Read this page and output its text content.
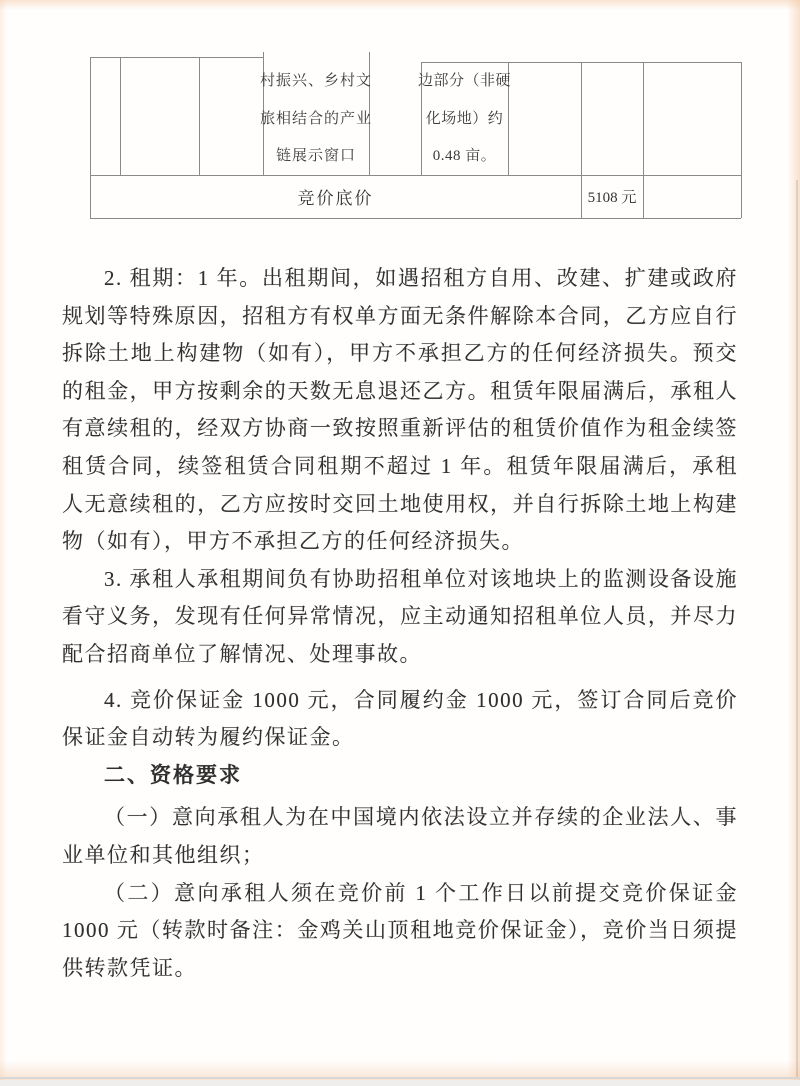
村振兴、乡村文
旅相结合的产业
链展示窗口
边部分（非硬
化场地）约
0.48 亩。
竞价底价	5108 元

2. 租期：1 年。出租期间，如遇招租方自用、改建、扩建或政府规划等特殊原因，招租方有权单方面无条件解除本合同，乙方应自行拆除土地上构建物（如有），甲方不承担乙方的任何经济损失。预交的租金，甲方按剩余的天数无息退还乙方。租赁年限届满后，承租人有意续租的，经双方协商一致按照重新评估的租赁价值作为租金续签租赁合同，续签租赁合同租期不超过 1 年。租赁年限届满后，承租人无意续租的，乙方应按时交回土地使用权，并自行拆除土地上构建物（如有），甲方不承担乙方的任何经济损失。

3. 承租人承租期间负有协助招租单位对该地块上的监测设备设施看守义务，发现有任何异常情况，应主动通知招租单位人员，并尽力配合招商单位了解情况、处理事故。

4. 竞价保证金 1000 元，合同履约金 1000 元，签订合同后竞价保证金自动转为履约保证金。

二、资格要求

（一）意向承租人为在中国境内依法设立并存续的企业法人、事业单位和其他组织；

（二）意向承租人须在竞价前 1 个工作日以前提交竞价保证金 1000 元（转款时备注：金鸡关山顶租地竞价保证金），竞价当日须提供转款凭证。
